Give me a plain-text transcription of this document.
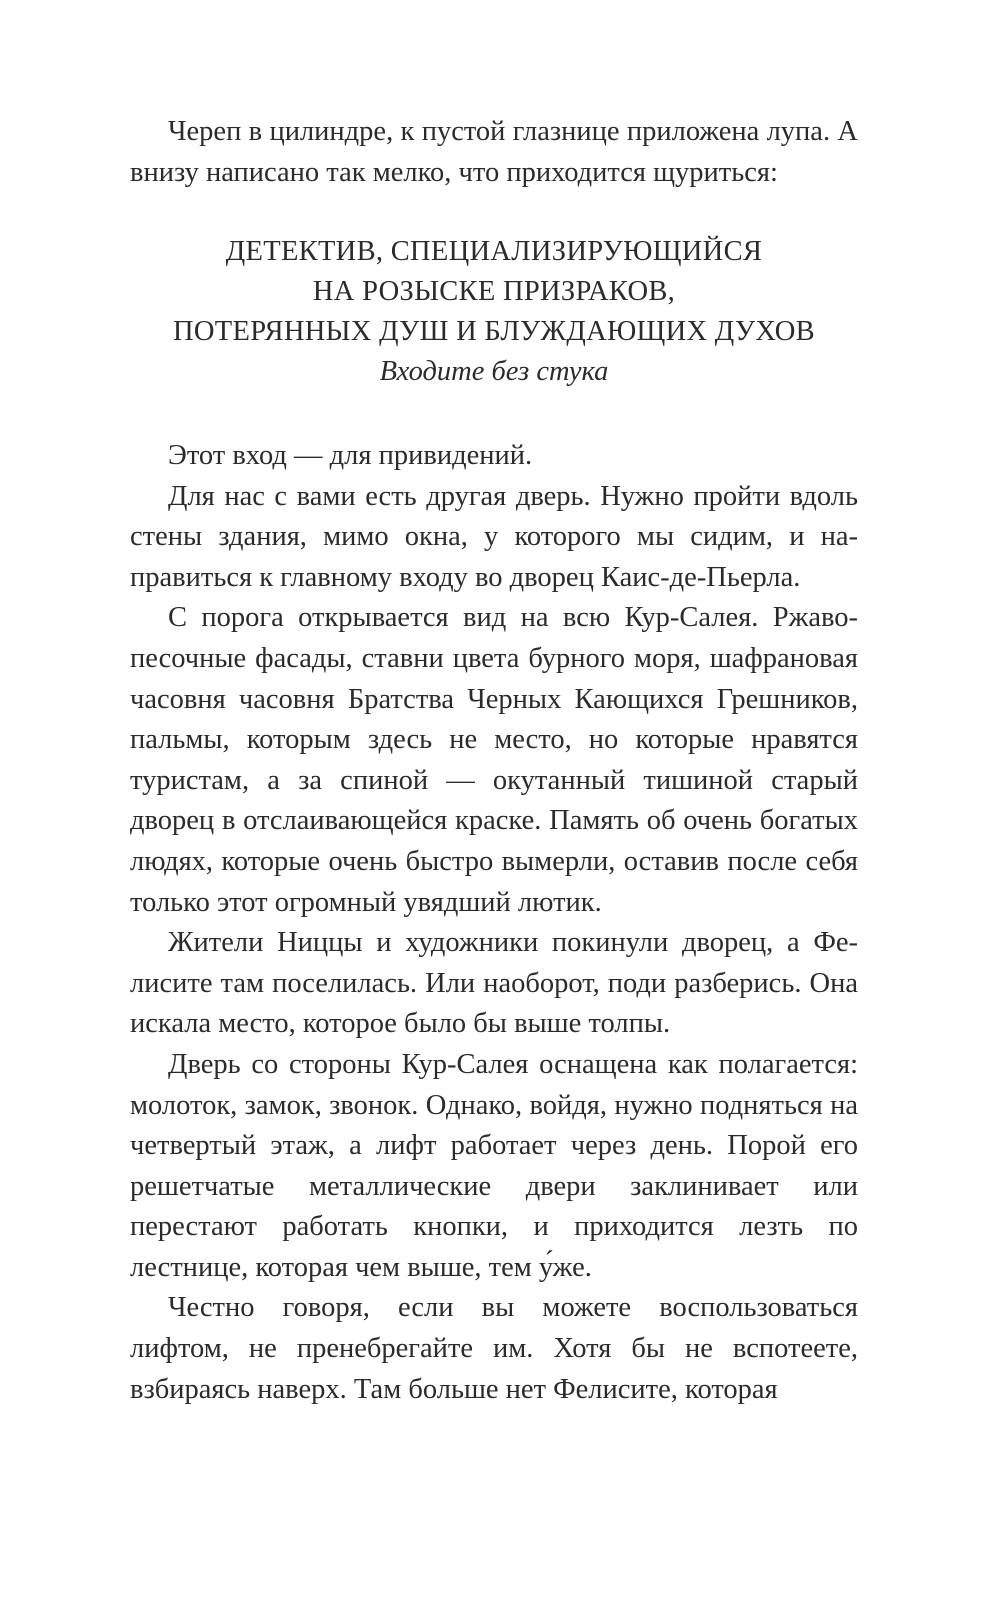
Череп в цилиндре, к пустой глазнице приложена лупа. А внизу написано так мелко, что приходится щуриться:

ДЕТЕКТИВ, СПЕЦИАЛИЗИРУЮЩИЙСЯ
НА РОЗЫСКЕ ПРИЗРАКОВ,
ПОТЕРЯННЫХ ДУШ И БЛУЖДАЮЩИХ ДУХОВ
Входите без стука

Этот вход — для привидений.

Для нас с вами есть другая дверь. Нужно пройти вдоль стены здания, мимо окна, у которого мы сидим, и направиться к главному входу во дворец Каис-де-Пьерла.

С порога открывается вид на всю Кур-Салея. Ржаво-песочные фасады, ставни цвета бурного моря, шафрановая часовня часовня Братства Черных Кающихся Грешников, пальмы, которым здесь не место, но которые нравятся туристам, а за спиной — окутанный тишиной старый дворец в отслаивающейся краске. Память об очень богатых людях, которые очень быстро вымерли, оставив после себя только этот огромный увядший лютик.

Жители Ниццы и художники покинули дворец, а Фелисите там поселилась. Или наоборот, поди разберись. Она искала место, которое было бы выше толпы.

Дверь со стороны Кур-Салея оснащена как полагается: молоток, замок, звонок. Однако, войдя, нужно подняться на четвертый этаж, а лифт работает через день. Порой его решетчатые металлические двери заклинивает или перестают работать кнопки, и приходится лезть по лестнице, которая чем выше, тем у́же.

Честно говоря, если вы можете воспользоваться лифтом, не пренебрегайте им. Хотя бы не вспотеете, взбираясь наверх. Там больше нет Фелисите, которая
